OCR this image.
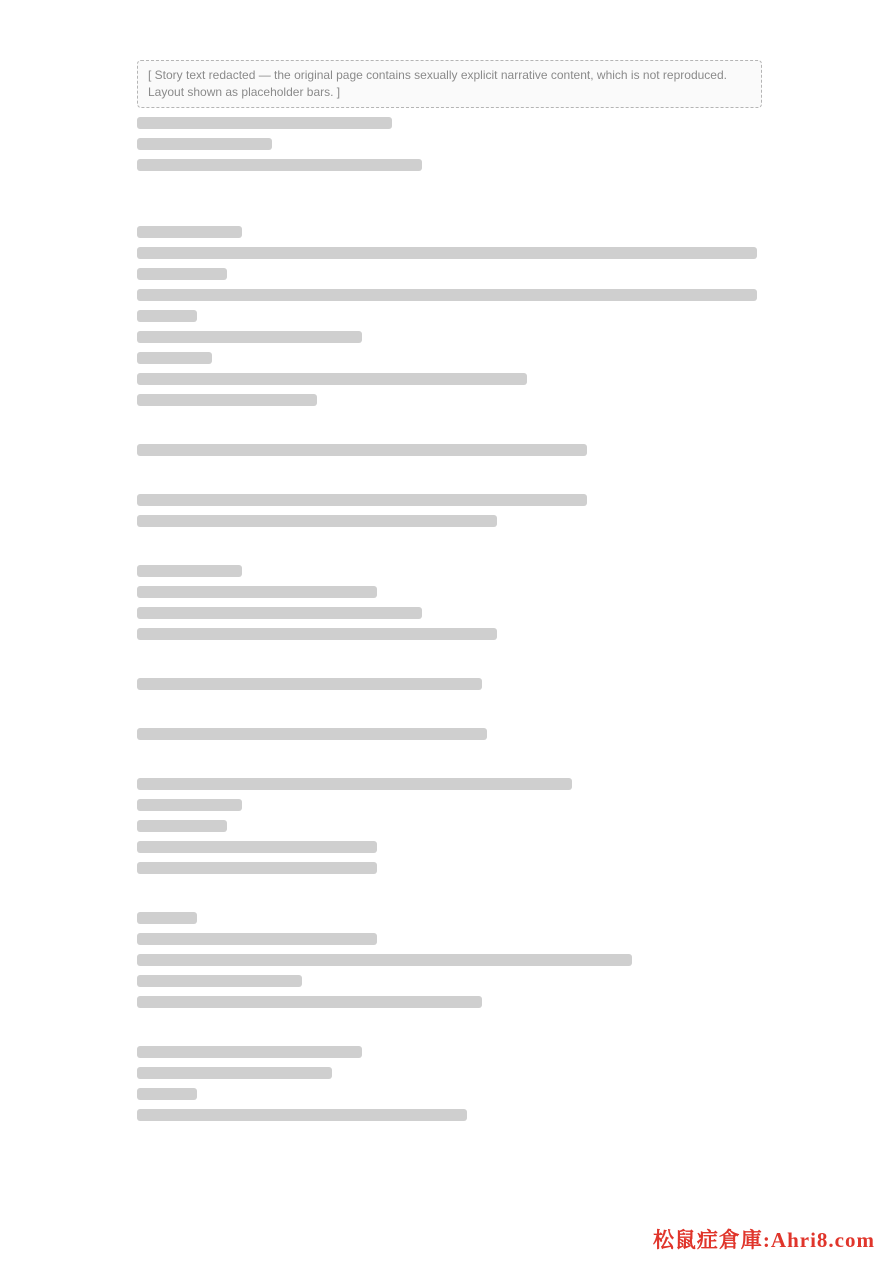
[ Story text redacted — the original page contains sexually explicit narrative content, which is not reproduced. Layout shown as placeholder bars. ]
松鼠症倉庫:Ahri8.com
